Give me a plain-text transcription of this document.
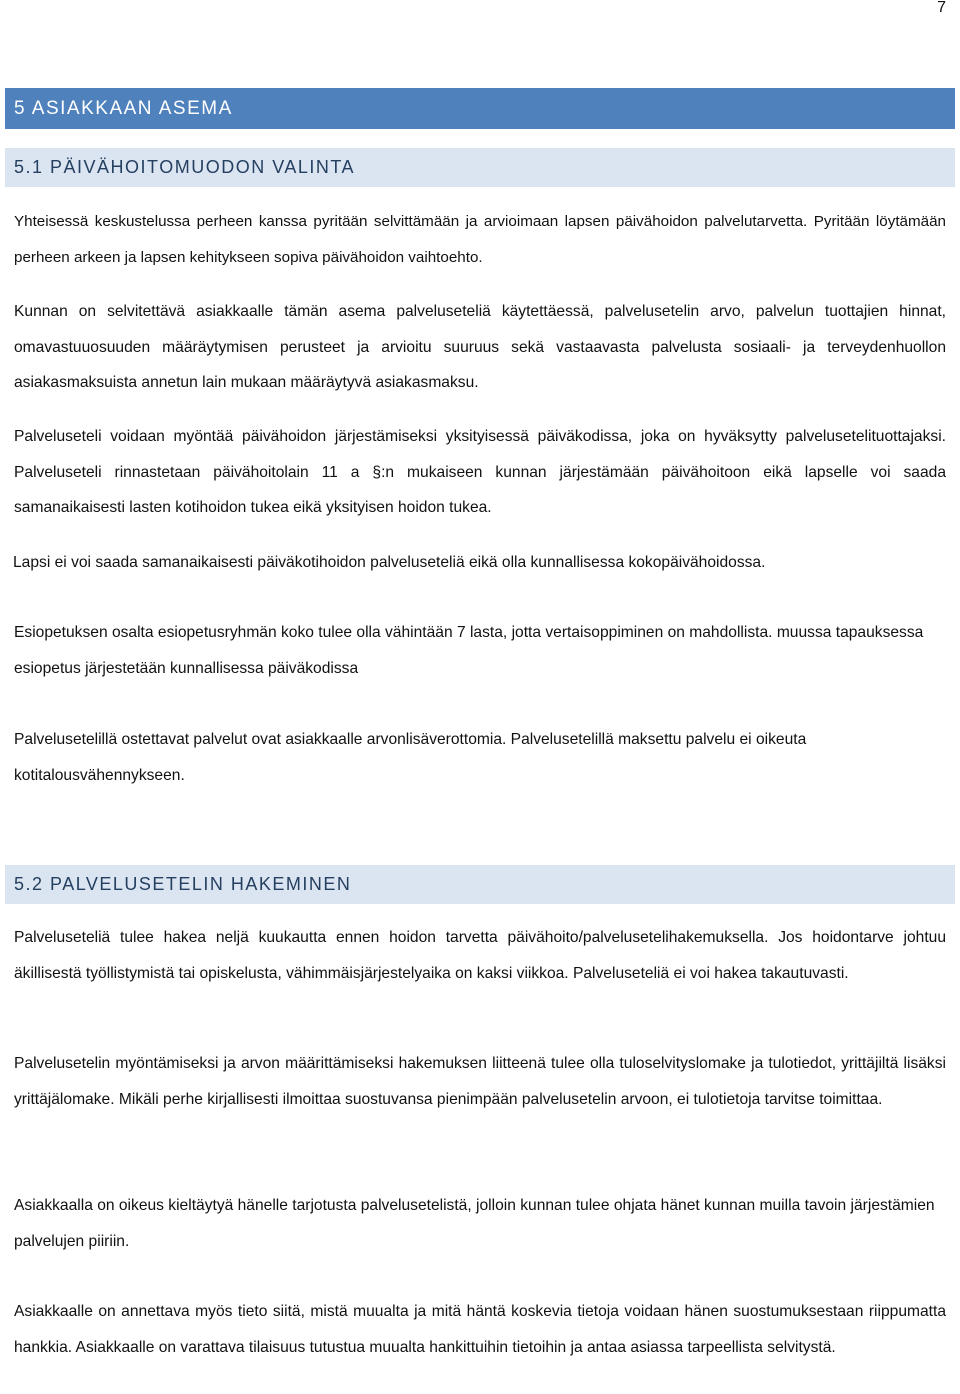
7
5 ASIAKKAAN ASEMA
5.1 PÄIVÄHOITOMUODON VALINTA

Yhteisessä keskustelussa perheen kanssa pyritään selvittämään ja arvioimaan lapsen päivähoidon palvelutarvetta. Pyritään löytämään perheen arkeen ja lapsen kehitykseen sopiva päivähoidon vaihtoehto.

Kunnan on selvitettävä asiakkaalle tämän asema palveluseteliä käytettäessä, palvelusetelin arvo, palvelun tuottajien hinnat, omavastuuosuuden määräytymisen perusteet ja arvioitu suuruus sekä vastaavasta palvelusta sosiaali- ja terveydenhuollon asiakasmaksuista annetun lain mukaan määräytyvä asiakasmaksu.

Palveluseteli voidaan myöntää päivähoidon järjestämiseksi yksityisessä päiväkodissa, joka on hyväksytty palvelusetelituottajaksi. Palveluseteli rinnastetaan päivähoitolain 11 a §:n mukaiseen kunnan järjestämään päivähoitoon eikä lapselle voi saada samanaikaisesti lasten kotihoidon tukea eikä yksityisen hoidon tukea.

Lapsi ei voi saada samanaikaisesti päiväkotihoidon palveluseteliä eikä olla kunnallisessa kokopäivähoidossa.

Esiopetuksen osalta esiopetusryhmän koko tulee olla vähintään 7 lasta, jotta vertaisoppiminen on mahdollista. muussa tapauksessa esiopetus järjestetään kunnallisessa päiväkodissa

Palvelusetelillä ostettavat palvelut ovat asiakkaalle arvonlisäverottomia. Palvelusetelillä maksettu palvelu ei oikeuta kotitalousvähennykseen.

5.2 PALVELUSETELIN HAKEMINEN

Palveluseteliä tulee hakea neljä kuukautta ennen hoidon tarvetta päivähoito/palvelusetelihakemuksella. Jos hoidontarve johtuu äkillisestä työllistymistä tai opiskelusta, vähimmäisjärjestelyaika on kaksi viikkoa. Palveluseteliä ei voi hakea takautuvasti.

Palvelusetelin myöntämiseksi ja arvon määrittämiseksi hakemuksen liitteenä tulee olla tuloselvityslomake ja tulotiedot, yrittäjiltä lisäksi yrittäjälomake. Mikäli perhe kirjallisesti ilmoittaa suostuvansa pienimpään palvelusetelin arvoon, ei tulotietoja tarvitse toimittaa.

Asiakkaalla on oikeus kieltäytyä hänelle tarjotusta palvelusetelistä, jolloin kunnan tulee ohjata hänet kunnan muilla tavoin järjestämien palvelujen piiriin.

Asiakkaalle on annettava myös tieto siitä, mistä muualta ja mitä häntä koskevia tietoja voidaan hänen suostumuksestaan riippumatta hankkia. Asiakkaalle on varattava tilaisuus tutustua muualta hankittuihin tietoihin ja antaa asiassa tarpeellista selvitystä.
